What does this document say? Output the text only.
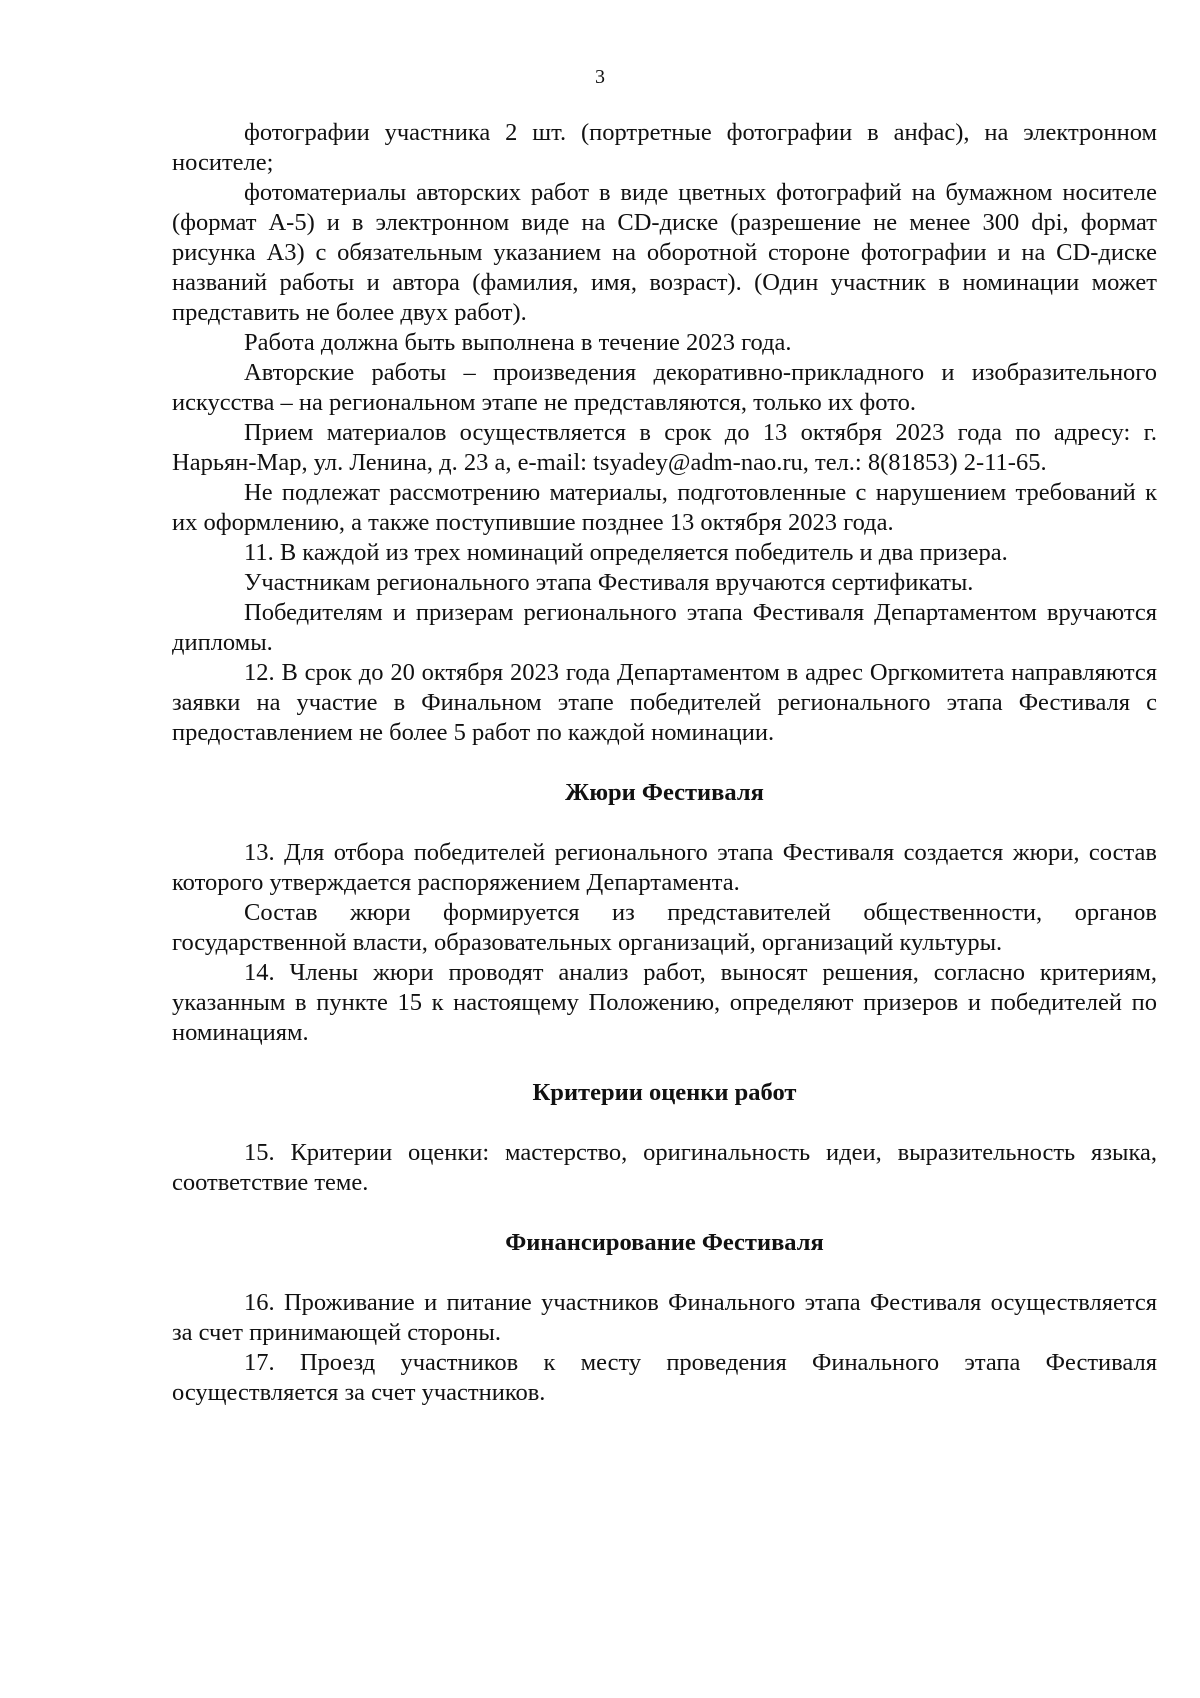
3

фотографии участника 2 шт. (портретные фотографии в анфас), на электронном носителе;

фотоматериалы авторских работ в виде цветных фотографий на бумажном носителе (формат А-5) и в электронном виде на CD-диске (разрешение не менее 300 dpi, формат рисунка А3) с обязательным указанием на оборотной стороне фотографии и на CD-диске названий работы и автора (фамилия, имя, возраст). (Один участник в номинации может представить не более двух работ).

Работа должна быть выполнена в течение 2023 года.

Авторские работы – произведения декоративно-прикладного и изобразительного искусства – на региональном этапе не представляются, только их фото.

Прием материалов осуществляется в срок до 13 октября 2023 года по адресу: г. Нарьян-Мар, ул. Ленина, д. 23 а, e-mail: tsyadey@adm-nao.ru, тел.: 8(81853) 2-11-65.

Не подлежат рассмотрению материалы, подготовленные с нарушением требований к их оформлению, а также поступившие позднее 13 октября 2023 года.

11. В каждой из трех номинаций определяется победитель и два призера.

Участникам регионального этапа Фестиваля вручаются сертификаты.

Победителям и призерам регионального этапа Фестиваля Департаментом вручаются дипломы.

12. В срок до 20 октября 2023 года Департаментом в адрес Оргкомитета направляются заявки на участие в Финальном этапе победителей регионального этапа Фестиваля с предоставлением не более 5 работ по каждой номинации.

Жюри Фестиваля

13. Для отбора победителей регионального этапа Фестиваля создается жюри, состав которого утверждается распоряжением Департамента.

Состав жюри формируется из представителей общественности, органов государственной власти, образовательных организаций, организаций культуры.

14. Члены жюри проводят анализ работ, выносят решения, согласно критериям, указанным в пункте 15 к настоящему Положению, определяют призеров и победителей по номинациям.

Критерии оценки работ

15. Критерии оценки: мастерство, оригинальность идеи, выразительность языка, соответствие теме.

Финансирование Фестиваля

16. Проживание и питание участников Финального этапа Фестиваля осуществляется за счет принимающей стороны.

17. Проезд участников к месту проведения Финального этапа Фестиваля осуществляется за счет участников.
